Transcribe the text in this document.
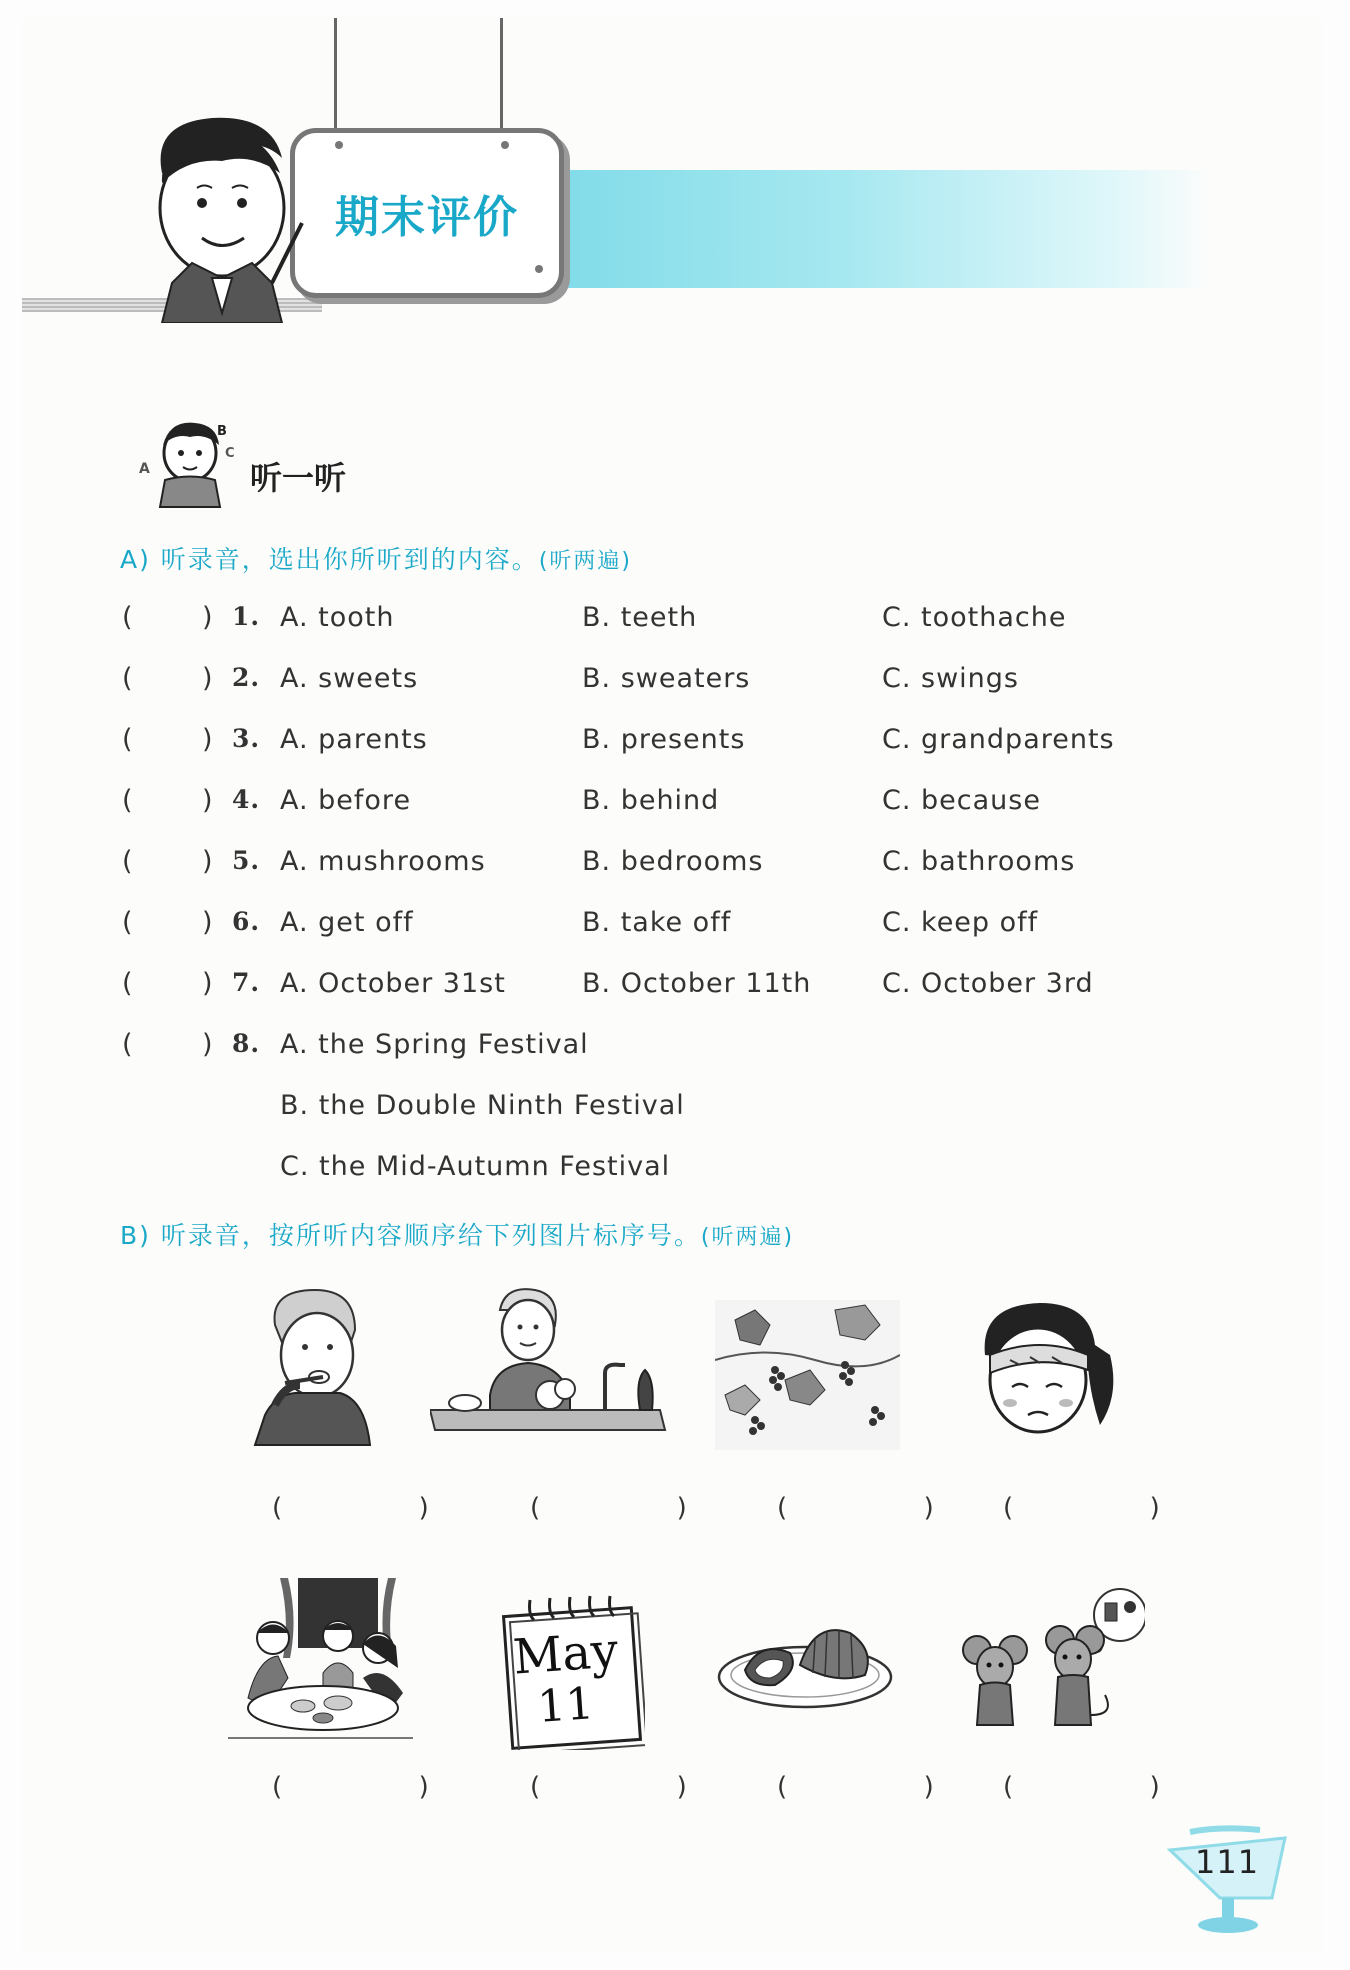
期末评价
B
C
A	听一听
A) 听录音，选出你所听到的内容。(听两遍)
(	) 1. A. tooth	B. teeth	C. toothache
(	) 2. A. sweets	B. sweaters	C. swings
(	) 3. A. parents	B. presents	C. grandparents
(	) 4. A. before	B. behind	C. because
(	) 5. A. mushrooms	B. bedrooms	C. bathrooms
(	) 6. A. get off	B. take off	C. keep off
(	) 7. A. October 31st	B. October 11th	C. October 3rd
(	) 8. A. the Spring Festival
B. the Double Ninth Festival
C. the Mid-Autumn Festival
B) 听录音，按所听内容顺序给下列图片标序号。(听两遍)
(  ) (  ) (  ) (  )
(  )
May
11
(  ) (  ) (  )
111
